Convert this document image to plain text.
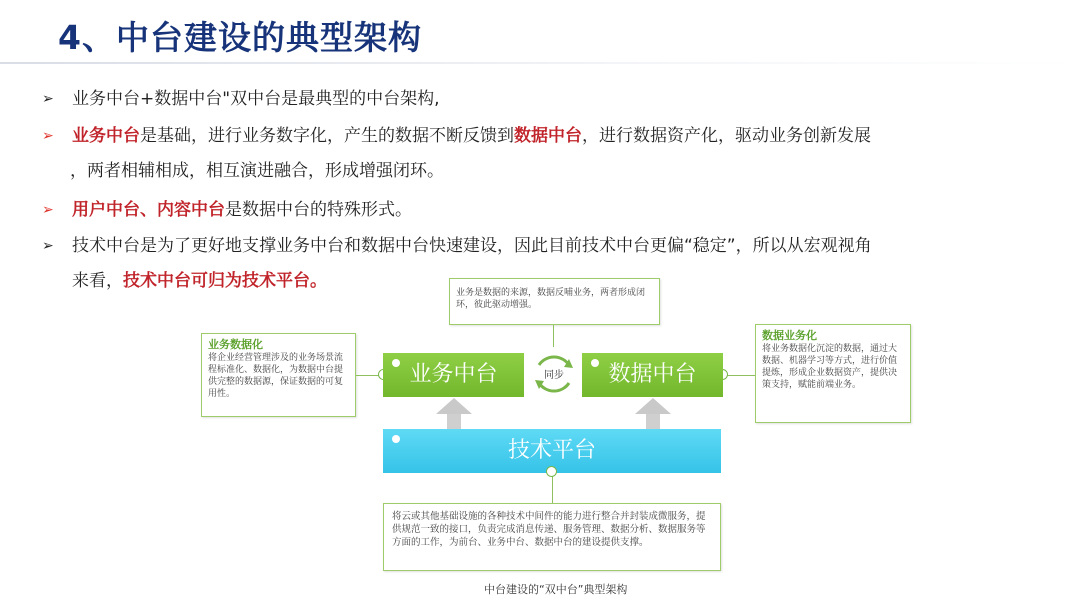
4、中台建设的典型架构
➢ 业务中台+数据中台"双中台是最典型的中台架构,
➢ 业务中台是基础，进行业务数字化，产生的数据不断反馈到数据中台，进行数据资产化，驱动业务创新发展
，两者相辅相成，相互演进融合，形成增强闭环。
➢ 用户中台、内容中台是数据中台的特殊形式。
➢ 技术中台是为了更好地支撑业务中台和数据中台快速建设，因此目前技术中台更偏“稳定”，所以从宏观视角
来看，技术中台可归为技术平台。
业务是数据的来源，数据反哺业务，两者形成闭环，彼此驱动增强。
业务数据化
将企业经营管理涉及的业务场景流程标准化、数据化，为数据中台提供完整的数据源，保证数据的可复用性。
数据业务化
将业务数据化沉淀的数据，通过大数据、机器学习等方式，进行价值提炼，形成企业数据资产，提供决策支持，赋能前端业务。
业务中台	同步	数据中台
技术平台
将云或其他基础设施的各种技术中间件的能力进行整合并封装成微服务，提供规范一致的接口，负责完成消息传递、服务管理、数据分析、数据服务等方面的工作，为前台、业务中台、数据中台的建设提供支撑。
中台建设的“双中台”典型架构
